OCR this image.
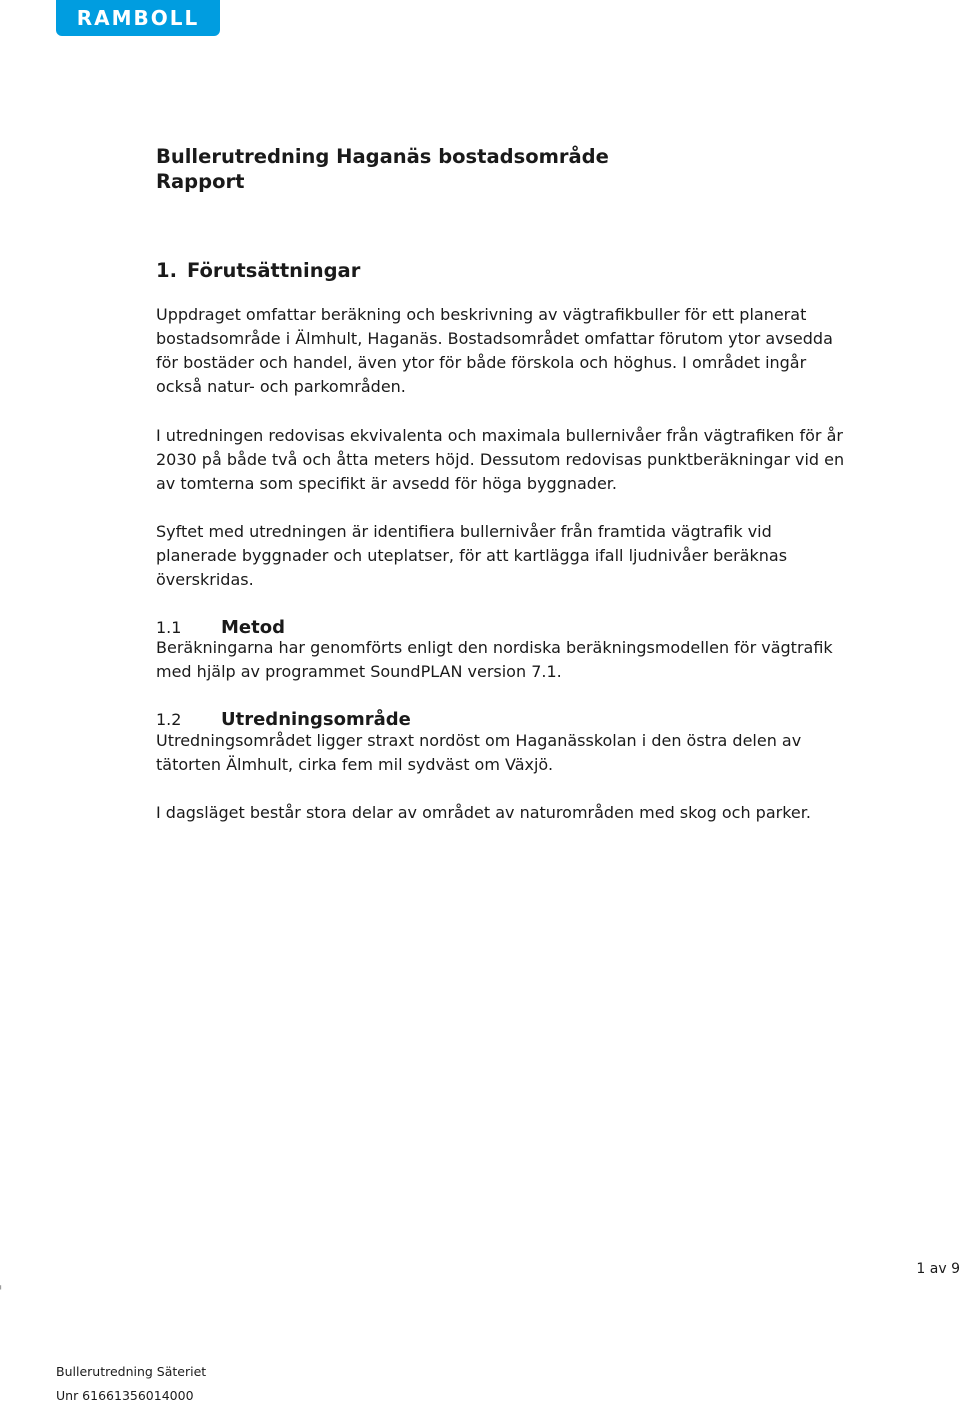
RAMBOLL
Bullerutredning Haganäs bostadsområde
Rapport
1. Förutsättningar

Uppdraget omfattar beräkning och beskrivning av vägtrafikbuller för ett planerat bostadsområde i Älmhult, Haganäs. Bostadsområdet omfattar förutom ytor avsedda för bostäder och handel, även ytor för både förskola och höghus. I området ingår också natur- och parkområden.

I utredningen redovisas ekvivalenta och maximala bullernivåer från vägtrafiken för år 2030 på både två och åtta meters höjd. Dessutom redovisas punktberäkningar vid en av tomterna som specifikt är avsedd för höga byggnader.

Syftet med utredningen är identifiera bullernivåer från framtida vägtrafik vid planerade byggnader och uteplatser, för att kartlägga ifall ljudnivåer beräknas överskridas.

1.1 Metod

Beräkningarna har genomförts enligt den nordiska beräkningsmodellen för vägtrafik med hjälp av programmet SoundPLAN version 7.1.

1.2 Utredningsområde

Utredningsområdet ligger straxt nordöst om Haganässkolan i den östra delen av tätorten Älmhult, cirka fem mil sydväst om Växjö.

I dagsläget består stora delar av området av naturområden med skog och parker.

1 av 9
Bullerutredning Säteriet
Unr 61661356014000
